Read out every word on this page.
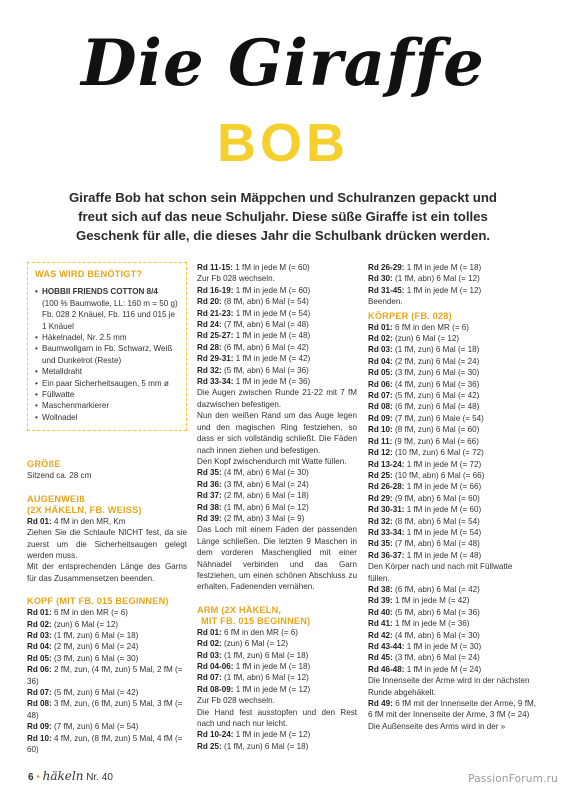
Die Giraffe
BOB
Giraffe Bob hat schon sein Mäppchen und Schulranzen gepackt und freut sich auf das neue Schuljahr. Diese süße Giraffe ist ein tolles Geschenk für alle, die dieses Jahr die Schulbank drücken werden.
WAS WIRD BENÖTIGT?
• HOBBII FRIENDS COTTON 8/4
(100 % Baumwolle, LL: 160 m = 50 g) Fb. 028 2 Knäuel, Fb. 116 und 015 je 1 Knäuel
• Häkelnadel, Nr. 2.5 mm
• Baumwollgarn in Fb. Schwarz, Weiß und Dunkelrot (Reste)
• Metalldraht
• Ein paar Sicherheitsaugen, 5 mm ø
• Füllwatte
• Maschenmarkierer
• Wollnadel
GRÖßE
Sitzend ca. 28 cm
AUGENWEIß
(2X HÄKELN, FB. WEISS)
Rd 01: 4 fM in den MR, Km
Ziehen Sie die Schlaufe NICHT fest, da sie zuerst um die Sicherheitsaugen gelegt werden muss.
Mit der entsprechenden Länge des Garns für das Zusammensetzen beenden.
KOPF (MIT FB. 015 BEGINNEN)
Rd 01: 6 fM in den MR (= 6)
Rd 02: (zun) 6 Mal (= 12)
Rd 03: (1 fM, zun) 6 Mal (= 18)
Rd 04: (2 fM, zun) 6 Mal (= 24)
Rd 05: (3 fM, zun) 6 Mal (= 30)
Rd 06: 2 fM, zun, (4 fM, zun) 5 Mal, 2 fM (= 36)
Rd 07: (5 fM, zun) 6 Mal (= 42)
Rd 08: 3 fM, zun, (6 fM, zun) 5 Mal, 3 fM (= 48)
Rd 09: (7 fM, zun) 6 Mal (= 54)
Rd 10: 4 fM, zun, (8 fM, zun) 5 Mal, 4 fM (= 60)
Rd 11-15: 1 fM in jede M (= 60)
Zur Fb 028 wechseln.
Rd 16-19: 1 fM in jede M (= 60)
Rd 20: (8 fM, abn) 6 Mal (= 54)
Rd 21-23: 1 fM in jede M (= 54)
Rd 24: (7 fM, abn) 6 Mal (= 48)
Rd 25-27: 1 fM in jede M (= 48)
Rd 28: (6 fM, abn) 6 Mal (= 42)
Rd 29-31: 1 fM in jede M (= 42)
Rd 32: (5 fM, abn) 6 Mal (= 36)
Rd 33-34: 1 fM in jede M (= 36)
Die Augen zwischen Runde 21-22 mit 7 fM dazwischen befestigen.
Nun den weißen Rand um das Auge legen und den magischen Ring festziehen, so dass er sich vollständig schließt. Die Fäden nach innen ziehen und befestigen.
Den Kopf zwischendurch mit Watte füllen.
Rd 35: (4 fM, abn) 6 Mal (= 30)
Rd 36: (3 fM, abn) 6 Mal (= 24)
Rd 37: (2 fM, abn) 6 Mal (= 18)
Rd 38: (1 fM, abn) 6 Mal (= 12)
Rd 39: (2 fM, abn) 3 Mal (= 9)
Das Loch mit einem Faden der passenden Länge schließen. Die letzten 9 Maschen in dem vorderen Maschenglied mit einer Nähnadel verbinden und das Garn festziehen, um einen schönen Abschluss zu erhalten. Fadenenden vernähen.
ARM (2X HÄKELN,
MIT FB. 015 BEGINNEN)
Rd 01: 6 fM in den MR (= 6)
Rd 02: (zun) 6 Mal (= 12)
Rd 03: (1 fM, zun) 6 Mal (= 18)
Rd 04-06: 1 fM in jede M (= 18)
Rd 07: (1 fM, abn) 6 Mal (= 12)
Rd 08-09: 1 fM in jede M (= 12)
Zur Fb 028 wechseln.
Die Hand fest ausstopfen und den Rest nach und nach nur leicht.
Rd 10-24: 1 fM in jede M (= 12)
Rd 25: (1 fM, zun) 6 Mal (= 18)
Rd 26-29: 1 fM in jede M (= 18)
Rd 30: (1 fM, abn) 6 Mal (= 12)
Rd 31-45: 1 fM in jede M (= 12)
Beenden.
KÖRPER (FB. 028)
Rd 01: 6 fM in den MR (= 6)
Rd 02: (zun) 6 Mal (= 12)
Rd 03: (1 fM, zun) 6 Mal (= 18)
Rd 04: (2 fM, zun) 6 Mal (= 24)
Rd 05: (3 fM, zun) 6 Mal (= 30)
Rd 06: (4 fM, zun) 6 Mal (= 36)
Rd 07: (5 fM, zun) 6 Mal (= 42)
Rd 08: (6 fM, zun) 6 Mal (= 48)
Rd 09: (7 fM, zun) 6 Male (= 54)
Rd 10: (8 fM, zun) 6 Mal (= 60)
Rd 11: (9 fM, zun) 6 Mal (= 66)
Rd 12: (10 fM, zun) 6 Mal (= 72)
Rd 13-24: 1 fM in jede M (= 72)
Rd 25: (10 fM, abn) 6 Mal (= 66)
Rd 26-28: 1 fM in jede M (= 66)
Rd 29: (9 fM, abn) 6 Mal (= 60)
Rd 30-31: 1 fM in jede M (= 60)
Rd 32: (8 fM, abn) 6 Mal (= 54)
Rd 33-34: 1 fM in jede M (= 54)
Rd 35: (7 fM, abn) 6 Mal (= 48)
Rd 36-37: 1 fM in jede M (= 48)
Den Körper nach und nach mit Füllwatte füllen.
Rd 38: (6 fM, abn) 6 Mal (= 42)
Rd 39: 1 fM in jede M (= 42)
Rd 40: (5 fM, abn) 6 Mal (= 36)
Rd 41: 1 fM in jede M (= 36)
Rd 42: (4 fM, abn) 6 Mal (= 30)
Rd 43-44: 1 fM in jede M (= 30)
Rd 45: (3 fM, abn) 6 Mal (= 24)
Rd 46-48: 1 fM in jede M (= 24)
Die Innenseite der Arme wird in der nächsten Runde abgehäkelt.
Rd 49: 6 fM mit der Innenseite der Arme, 9 fM, 6 fM mit der Innenseite der Arme, 3 fM (= 24)
Die Außenseite des Arms wird in der »
6 • häkeln Nr. 40	PassionForum.ru
